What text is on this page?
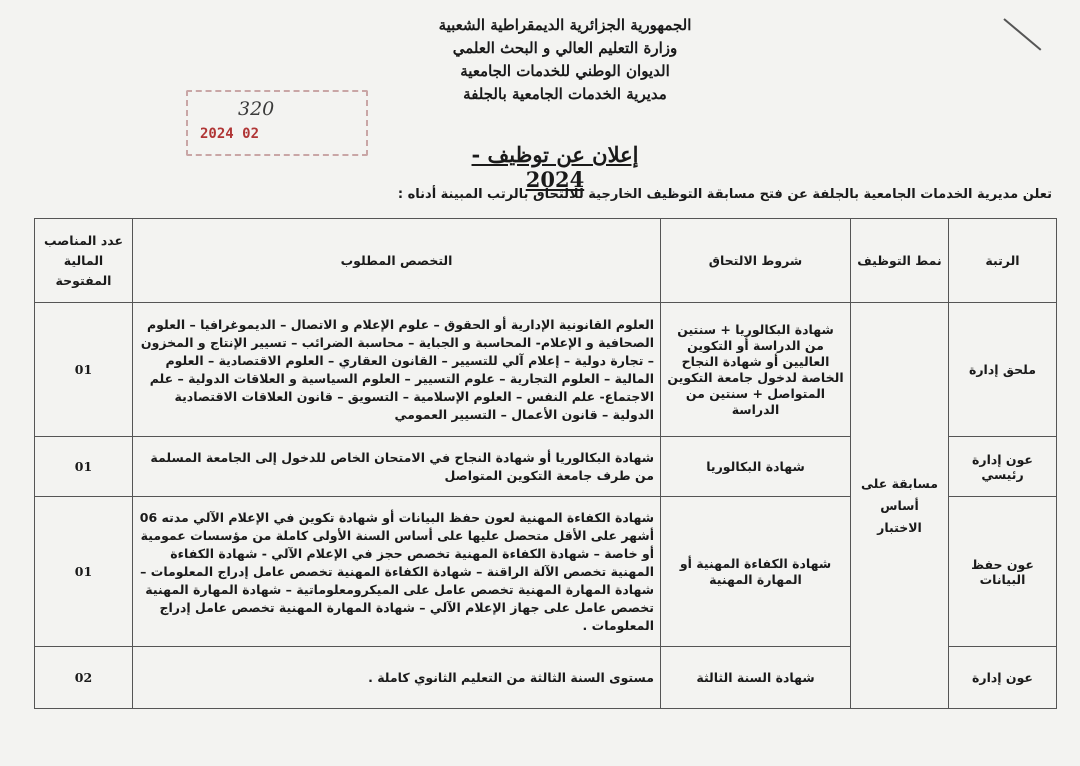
الجمهورية الجزائرية الديمقراطية الشعبية
وزارة التعليم العالي و البحث العلمي
الديوان الوطني للخدمات الجامعية
مديرية الخدمات الجامعية بالجلفة
320
2024 02
إعلان عن توظيف - 2024
تعلن مديرية الخدمات الجامعية بالجلفة عن فتح مسابقة التوظيف الخارجية للالتحاق بالرتب المبينة أدناه :
الرتبة	نمط التوظيف	شروط الالتحاق	التخصص المطلوب	عدد المناصب المالية المفتوحة
ملحق إدارة	مسابقة على أساس الاختبار	شهادة البكالوريا + سنتين من الدراسة أو التكوين العاليين أو شهادة النجاح الخاصة لدخول جامعة التكوين المتواصل + سنتين من الدراسة	العلوم القانونية الإدارية أو الحقوق – علوم الإعلام و الاتصال – الديموغرافيا – العلوم الصحافية و الإعلام- المحاسبة و الجباية – محاسبة الضرائب – تسيير الإنتاج و المخزون – تجارة دولية – إعلام آلي للتسيير – القانون العقاري – العلوم الاقتصادية – العلوم المالية – العلوم التجارية – علوم التسيير – العلوم السياسية و العلاقات الدولية – علم الاجتماع- علم النفس – العلوم الإسلامية – التسويق – قانون العلاقات الاقتصادية الدولية – قانون الأعمال – التسيير العمومي	01
عون إدارة رئيسي		شهادة البكالوريا	شهادة البكالوريا أو شهادة النجاح في الامتحان الخاص للدخول إلى الجامعة المسلمة من طرف جامعة التكوين المتواصل	01
عون حفظ البيانات		شهادة الكفاءة المهنية أو المهارة المهنية	شهادة الكفاءة المهنية لعون حفظ البيانات أو شهادة تكوين في الإعلام الآلي مدته 06 أشهر على الأقل متحصل عليها على أساس السنة الأولى كاملة من مؤسسات عمومية أو خاصة – شهادة الكفاءة المهنية تخصص حجز في الإعلام الآلي - شهادة الكفاءة المهنية تخصص الآلة الراقنة – شهادة الكفاءة المهنية تخصص عامل إدراج المعلومات – شهادة المهارة المهنية تخصص عامل على الميكرومعلوماتية – شهادة المهارة المهنية تخصص عامل على جهاز الإعلام الآلي – شهادة المهارة المهنية تخصص عامل إدراج المعلومات .	01
عون إدارة		شهادة السنة الثالثة	مستوى السنة الثالثة من التعليم الثانوي كاملة .	02
